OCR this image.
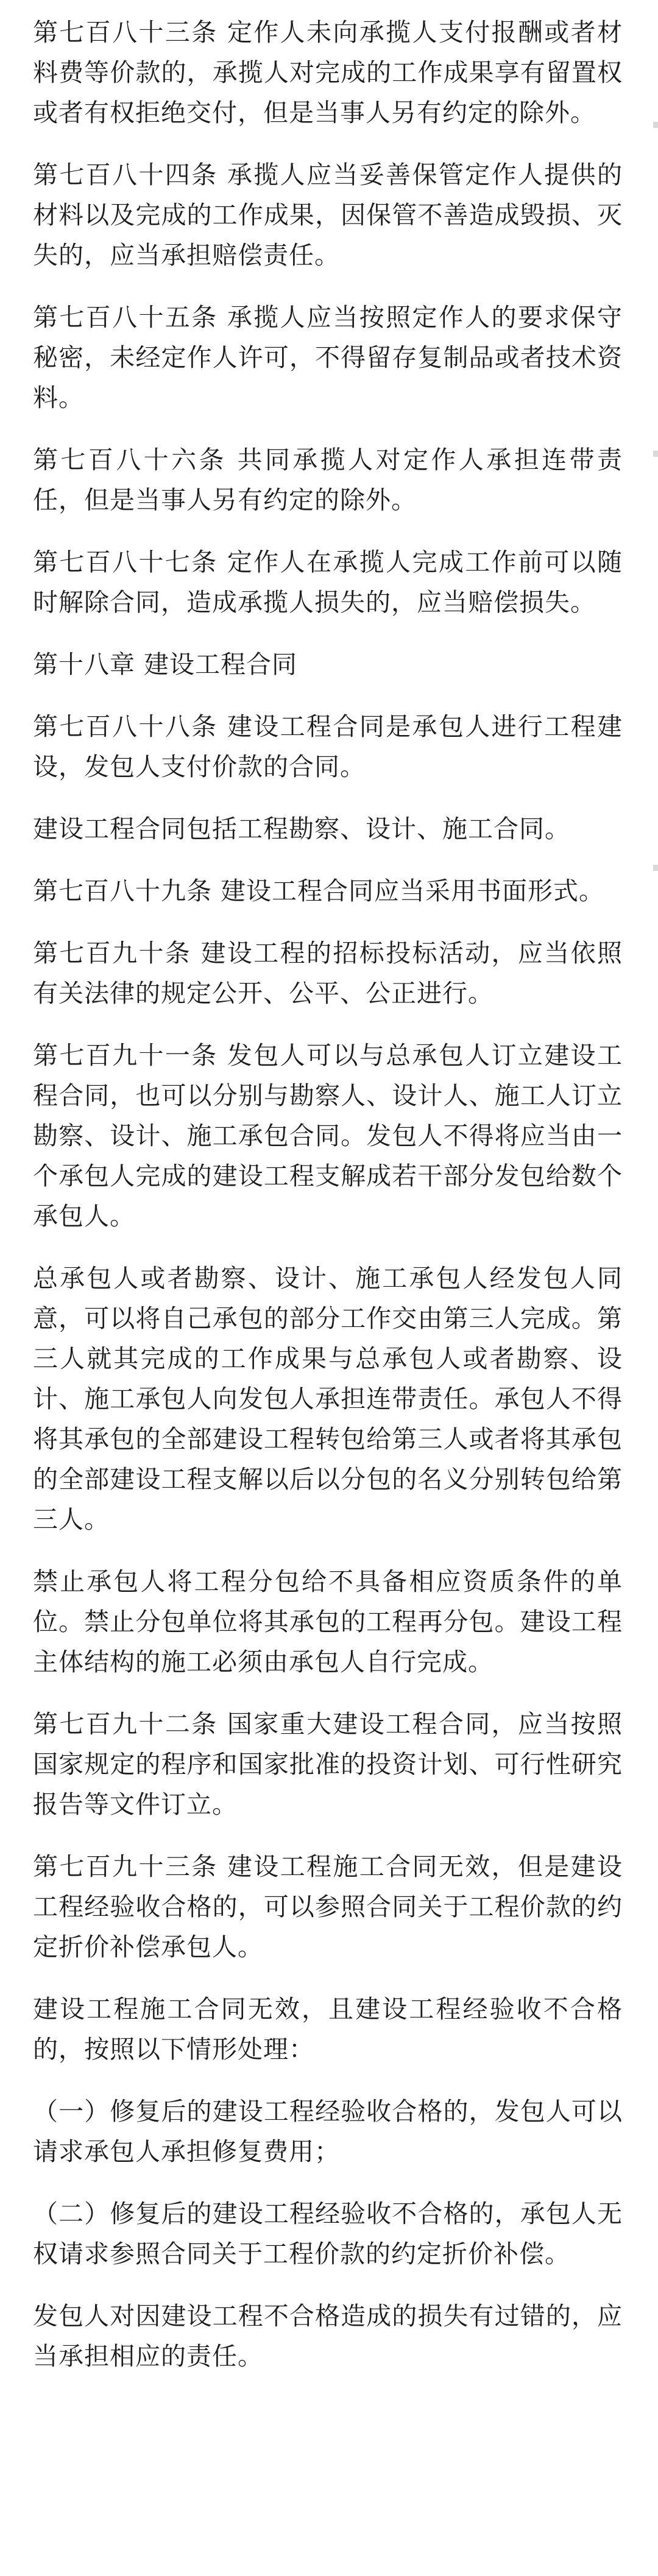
第七百八十三条 定作人未向承揽人支付报酬或者材料费等价款的，承揽人对完成的工作成果享有留置权或者有权拒绝交付，但是当事人另有约定的除外。

第七百八十四条 承揽人应当妥善保管定作人提供的材料以及完成的工作成果，因保管不善造成毁损、灭失的，应当承担赔偿责任。

第七百八十五条 承揽人应当按照定作人的要求保守秘密，未经定作人许可，不得留存复制品或者技术资料。

第七百八十六条 共同承揽人对定作人承担连带责任，但是当事人另有约定的除外。

第七百八十七条 定作人在承揽人完成工作前可以随时解除合同，造成承揽人损失的，应当赔偿损失。

第十八章 建设工程合同

第七百八十八条 建设工程合同是承包人进行工程建设，发包人支付价款的合同。

建设工程合同包括工程勘察、设计、施工合同。

第七百八十九条 建设工程合同应当采用书面形式。

第七百九十条 建设工程的招标投标活动，应当依照有关法律的规定公开、公平、公正进行。

第七百九十一条 发包人可以与总承包人订立建设工程合同，也可以分别与勘察人、设计人、施工人订立勘察、设计、施工承包合同。发包人不得将应当由一个承包人完成的建设工程支解成若干部分发包给数个承包人。

总承包人或者勘察、设计、施工承包人经发包人同意，可以将自己承包的部分工作交由第三人完成。第三人就其完成的工作成果与总承包人或者勘察、设计、施工承包人向发包人承担连带责任。承包人不得将其承包的全部建设工程转包给第三人或者将其承包的全部建设工程支解以后以分包的名义分别转包给第三人。

禁止承包人将工程分包给不具备相应资质条件的单位。禁止分包单位将其承包的工程再分包。建设工程主体结构的施工必须由承包人自行完成。

第七百九十二条 国家重大建设工程合同，应当按照国家规定的程序和国家批准的投资计划、可行性研究报告等文件订立。

第七百九十三条 建设工程施工合同无效，但是建设工程经验收合格的，可以参照合同关于工程价款的约定折价补偿承包人。

建设工程施工合同无效，且建设工程经验收不合格的，按照以下情形处理：

（一）修复后的建设工程经验收合格的，发包人可以请求承包人承担修复费用；

（二）修复后的建设工程经验收不合格的，承包人无权请求参照合同关于工程价款的约定折价补偿。

发包人对因建设工程不合格造成的损失有过错的，应当承担相应的责任。
